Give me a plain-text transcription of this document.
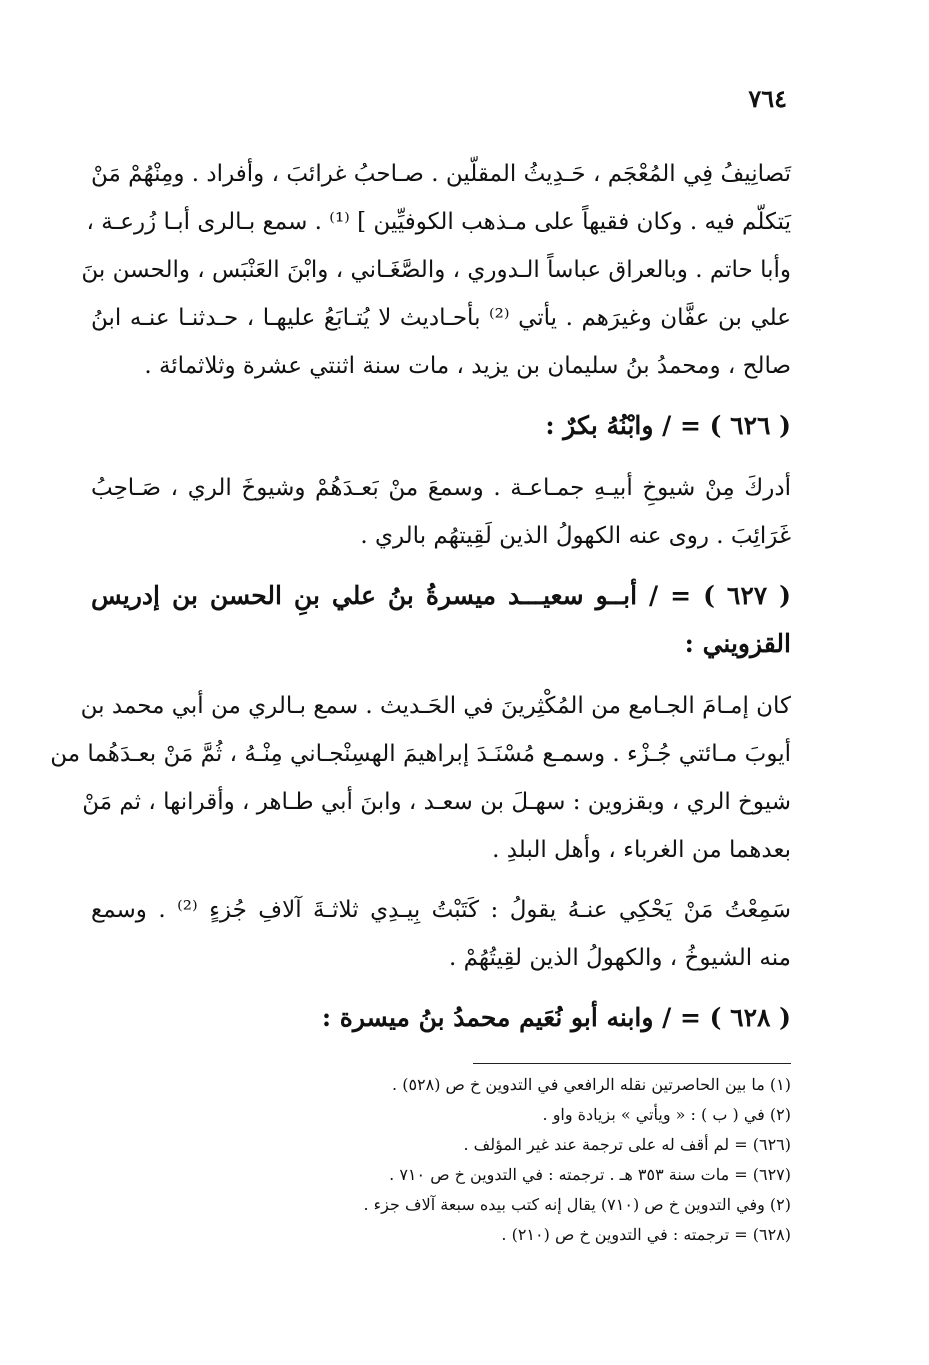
٧٦٤
تَصانِيفُ فِي المُعْجَم ، حَـدِيثُ المقلّين . صـاحبُ غرائبَ ، وأفراد . ومِنْهُمْ مَنْ
يَتكلّم فيه . وكان فقيهاً على مـذهب الكوفيِّين ] ⁽¹⁾ . سمع بـالرى أبـا زُرعـة ،
وأبا حاتم . وبالعراق عباساً الـدوري ، والصَّغَـاني ، وابْنَ العَنْبَس ، والحسن بنَ
علي بن عفَّان وغيرَهم . يأتي ⁽²⁾ بأحـاديث لا يُتـابَعُ عليهـا ، حـدثنـا عنـه ابنُ
صالح ، ومحمدُ بنُ سليمان بن يزيد ، مات سنة اثنتي عشرة وثلاثمائة .
( ٦٢٦ ) = / وابْنُهُ بكرٌ :
أدركَ مِنْ شيوخِ أبيـهِ جمـاعـة . وسمعَ منْ بَعـدَهُمْ وشيوخَ الري ، صَـاحِبُ
غَرَائِبَ . روى عنه الكهولُ الذين لَقِيتهُم بالري .
( ٦٢٧ ) = / أبــو سعيـــد ميسرةُ بنُ علي بنِ الحسن بن إدريس
القزويني :
كان إمـامَ الجـامع من المُكْثِرينَ في الحَـديث . سمع بـالري من أبي محمد بن
أيوبَ مـائتي جُـزْء . وسمـع مُسْنَـدَ إبراهيمَ الهسِنْجـاني مِنْـهُ ، ثُمَّ مَنْ بعـدَهُما من
شيوخ الري ، وبقزوين : سهـلَ بن سعـد ، وابنَ أبي طـاهر ، وأقرانها ، ثم مَنْ
بعدهما من الغرباء ، وأهل البلدِ .
سَمِعْتُ مَنْ يَحْكِي عنـهُ يقولُ : كَتَبْتُ بِيـدِي ثلاثـةَ آلافِ جُزءٍ ⁽²⁾ . وسمع
منه الشيوخُ ، والكهولُ الذين لقِيتُهُمْ .
( ٦٢٨ ) = / وابنه أبو نُعَيم محمدُ بنُ ميسرة :
(١) ما بين الحاصرتين نقله الرافعي في التدوين خ ص (٥٢٨) .
(٢) في ( ب ) : « ويأتي » بزيادة واو .
(٦٢٦) = لم أقف له على ترجمة عند غير المؤلف .
(٦٢٧) = مات سنة ٣٥٣ هـ . ترجمته : في التدوين خ ص ٧١٠ .
(٢) وفي التدوين خ ص (٧١٠) يقال إنه كتب بيده سبعة آلاف جزء .
(٦٢٨) = ترجمته : في التدوين خ ص (٢١٠) .
